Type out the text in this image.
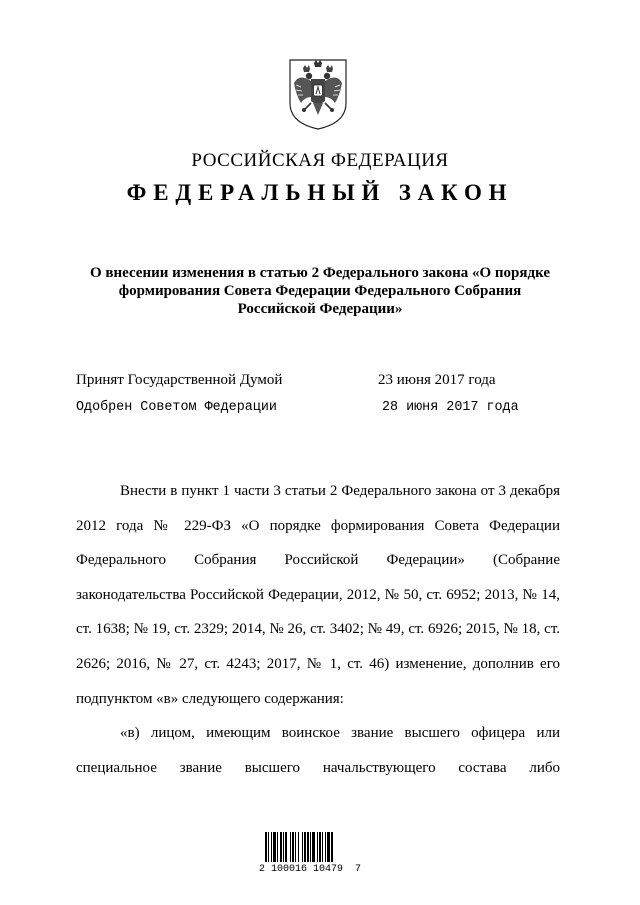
РОССИЙСКАЯ ФЕДЕРАЦИЯ
ФЕДЕРАЛЬНЫЙ ЗАКОН
О внесении изменения в статью 2 Федерального закона «О порядке
формирования Совета Федерации Федерального Собрания
Российской Федерации»
Принят Государственной Думой	23 июня 2017 года
Одобрен Советом Федерации	28 июня 2017 года

Внести в пункт 1 части 3 статьи 2 Федерального закона от 3 декабря 2012 года № 229-ФЗ «О порядке формирования Совета Федерации Федерального Собрания Российской Федерации» (Собрание законодательства Российской Федерации, 2012, № 50, ст. 6952; 2013, № 14, ст. 1638; № 19, ст. 2329; 2014, № 26, ст. 3402; № 49, ст. 6926; 2015, № 18, ст. 2626; 2016, № 27, ст. 4243; 2017, № 1, ст. 46) изменение, дополнив его подпунктом «в» следующего содержания:

«в) лицом, имеющим воинское звание высшего офицера или специальное звание высшего начальствующего состава либо

2 100016 10479  7
